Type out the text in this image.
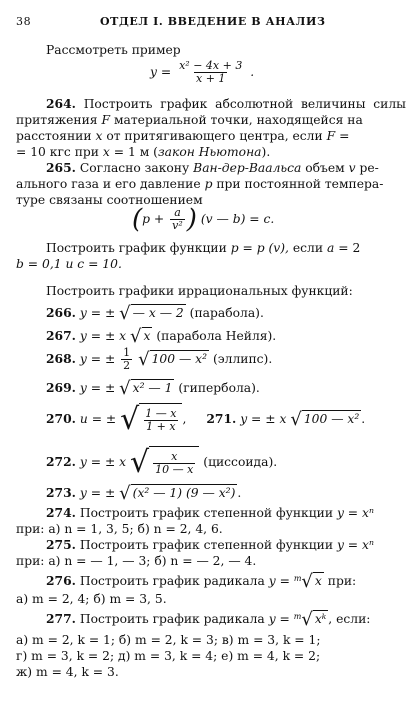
38	ОТДЕЛ I. ВВЕДЕНИЕ В АНАЛИЗ
Рассмотреть пример
$y = \frac{\text{x² − 4x + 3}}{x + 1}$ .
264. Построить график абсолютной величины силы
притяжения F материальной точки, находящейся на
расстоянии x от притягивающего центра, если F =
= 10 кгс при x = 1 м (закон Ньютона).
265. Согласно закону Ван-дер-Ваальса объем v ре-
ального газа и его давление p при постоянной темпера-
туре связаны соотношением
($p + \frac{a}{\text{v²}}$ ) (v — b) = c.
Построить график функции p = p (v), если a = 2
b = 0,1 и c = 10.
Построить графики иррациональных функций:
266. y = ± √ — x — 2 (парабола).
267. y = ± x √ x (парабола Нейля).
268. y = ± $\frac{1}{2}$
√ 100 — x² (эллипс).
269. y = ± √ x² — 1 (гипербола).
270. u = ± √ $\frac{1 — x}{1 + x}$ , 271. y = ± x √ 100 — x² .
272. y = ± x √ $\frac{x}{10 — x}$ (циссоида).
273. y = ± √ (x² — 1) (9 — x²) .
274. Построить график степенной функции y = xⁿ
при: а) n = 1, 3, 5; б) n = 2, 4, 6.
275. Построить график степенной функции y = xⁿ
при: а) n = — 1, — 3; б) n = — 2, — 4.
276. Построить график радикала y = $^m$ √ x при:
а) m = 2, 4; б) m = 3, 5.
277. Построить график радикала y = $^m$ √ xᵏ , если:
а) m = 2, k = 1; б) m = 2, k = 3; в) m = 3, k = 1;
г) m = 3, k = 2; д) m = 3, k = 4; е) m = 4, k = 2;
ж) m = 4, k = 3.
